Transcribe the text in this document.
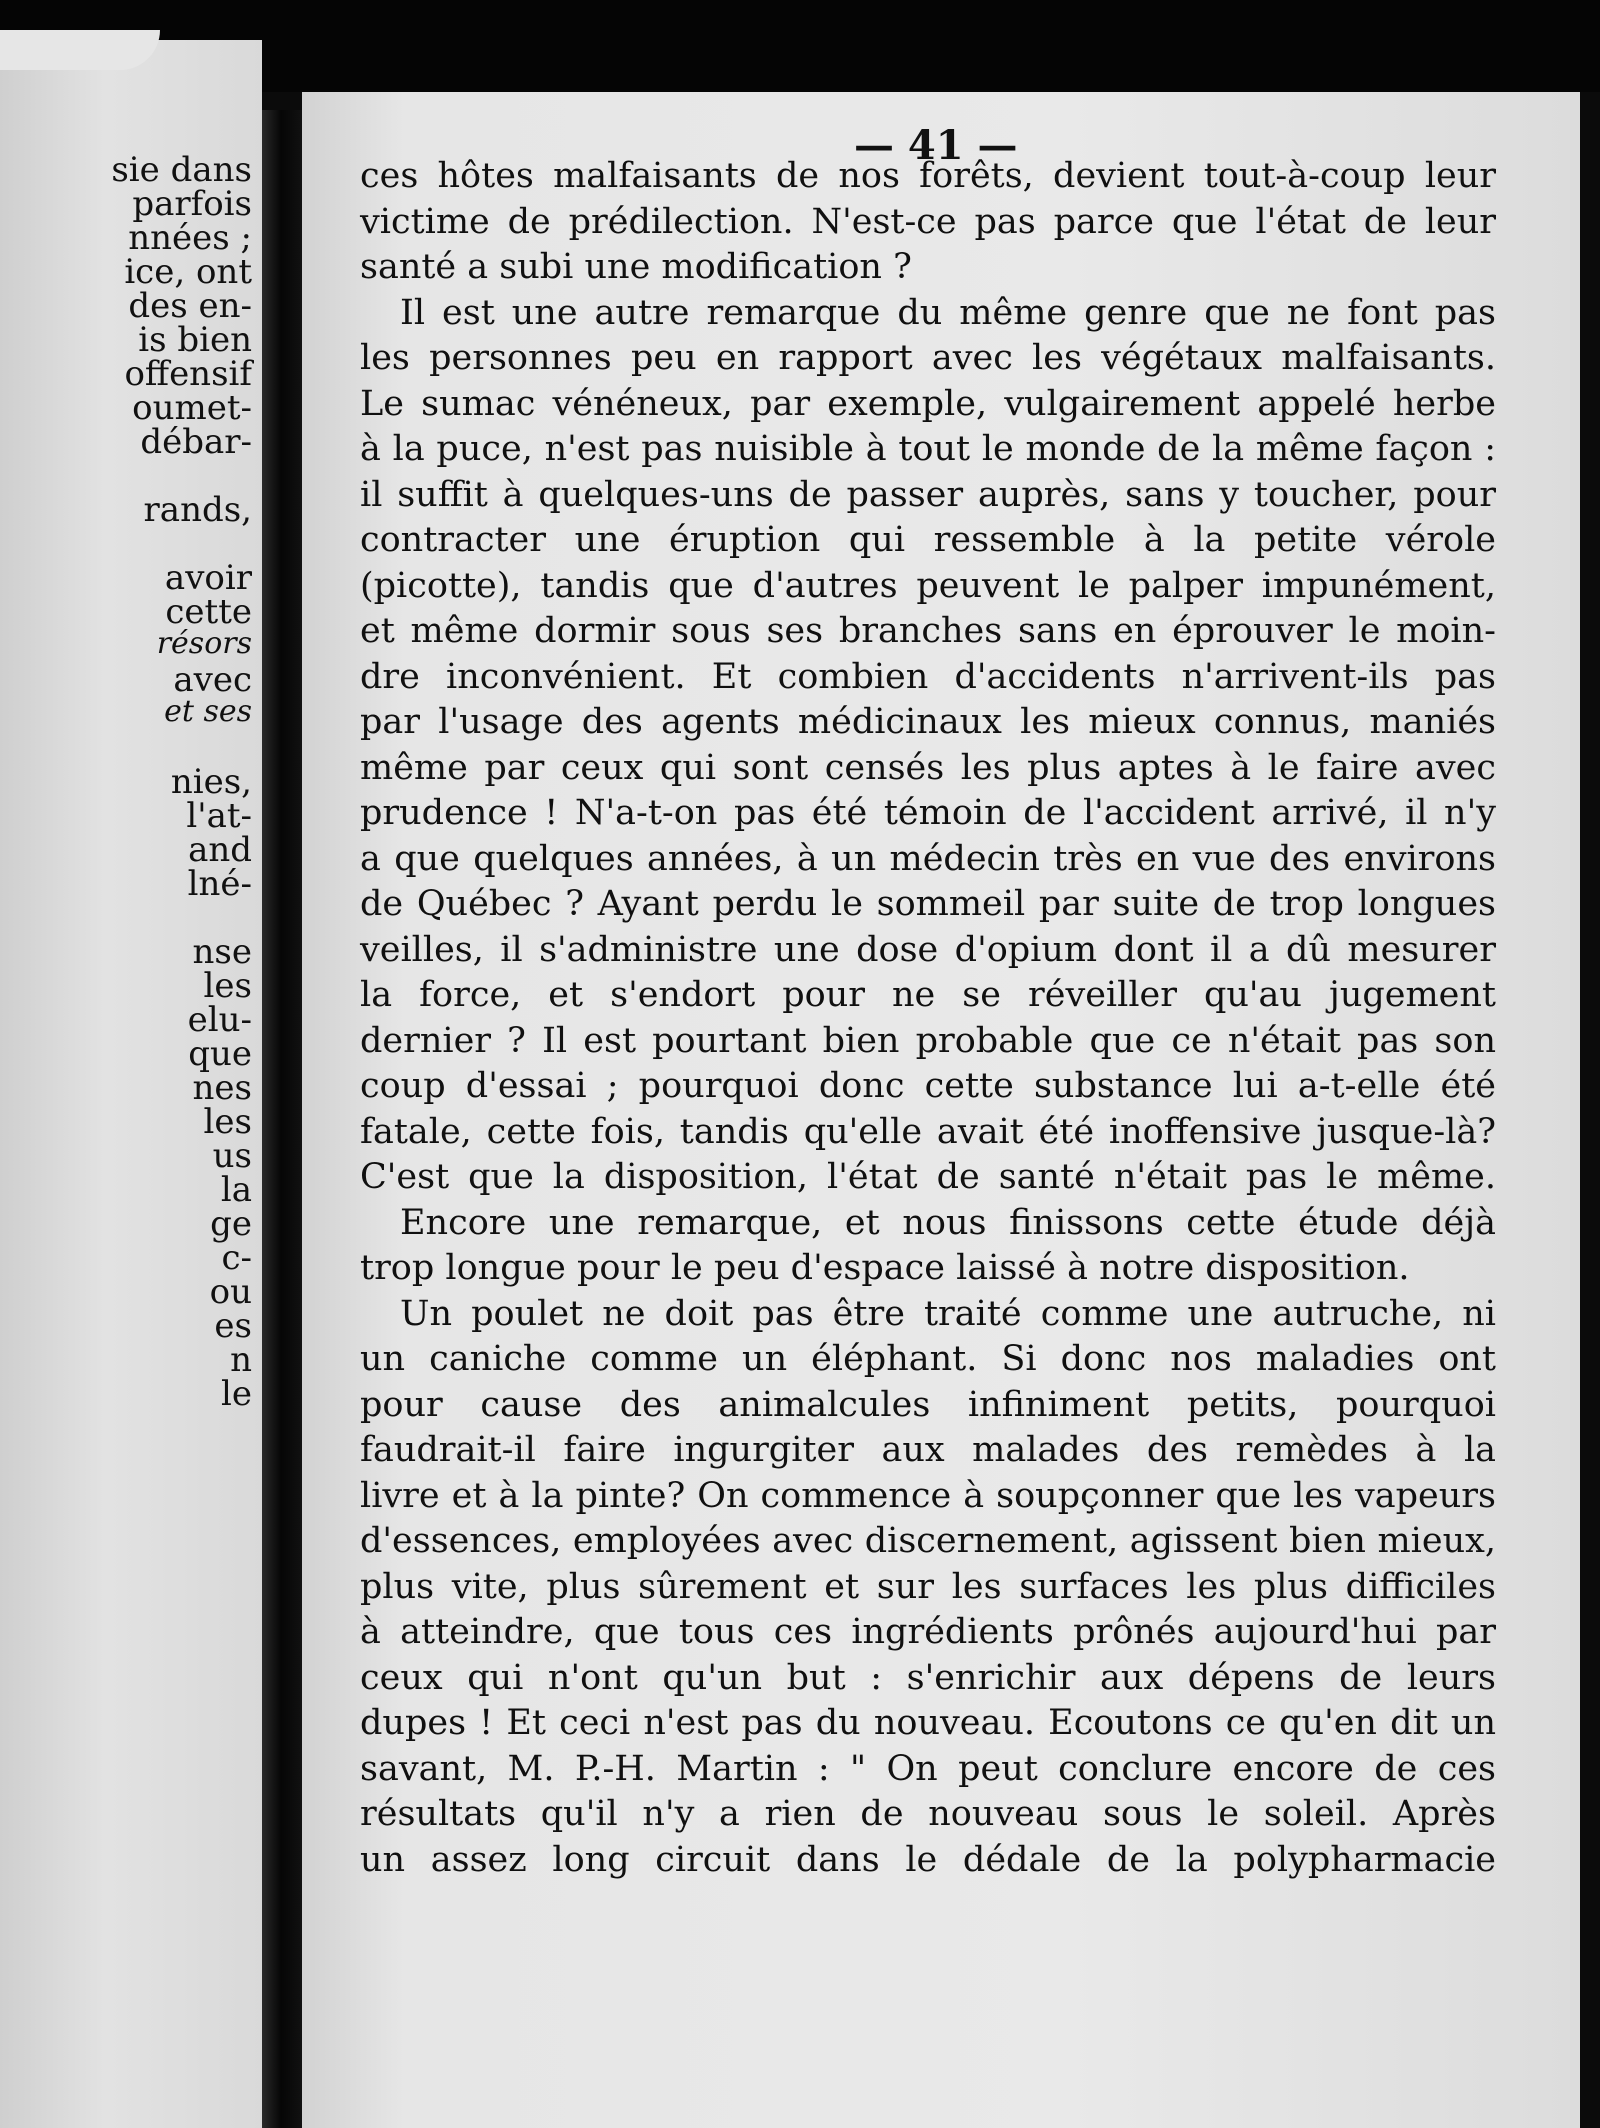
sie dans
parfois
nnées ;
ice, ont
des en-
is bien
offensif
oumet-
débar-
rands,
avoir
cette
résors
avec
et ses
nies,
l'at-
and
lné-
nse
les
elu-
que
nes
les
us
la
ge
c-
ou
es
n
le
— 41 —
ces hôtes malfaisants de nos forêts, devient tout-à-coup leur
victime de prédilection. N'est-ce pas parce que l'état de leur
santé a subi une modification ?
Il est une autre remarque du même genre que ne font pas
les personnes peu en rapport avec les végétaux malfaisants.
Le sumac vénéneux, par exemple, vulgairement appelé herbe
à la puce, n'est pas nuisible à tout le monde de la même façon :
il suffit à quelques-uns de passer auprès, sans y toucher, pour
contracter une éruption qui ressemble à la petite vérole
(picotte), tandis que d'autres peuvent le palper impunément,
et même dormir sous ses branches sans en éprouver le moin-
dre inconvénient. Et combien d'accidents n'arrivent-ils pas
par l'usage des agents médicinaux les mieux connus, maniés
même par ceux qui sont censés les plus aptes à le faire avec
prudence ! N'a-t-on pas été témoin de l'accident arrivé, il n'y
a que quelques années, à un médecin très en vue des environs
de Québec ? Ayant perdu le sommeil par suite de trop longues
veilles, il s'administre une dose d'opium dont il a dû mesurer
la force, et s'endort pour ne se réveiller qu'au jugement
dernier ? Il est pourtant bien probable que ce n'était pas son
coup d'essai ; pourquoi donc cette substance lui a-t-elle été
fatale, cette fois, tandis qu'elle avait été inoffensive jusque-là?
C'est que la disposition, l'état de santé n'était pas le même.
Encore une remarque, et nous finissons cette étude déjà
trop longue pour le peu d'espace laissé à notre disposition.
Un poulet ne doit pas être traité comme une autruche, ni
un caniche comme un éléphant. Si donc nos maladies ont
pour cause des animalcules infiniment petits, pourquoi
faudrait-il faire ingurgiter aux malades des remèdes à la
livre et à la pinte? On commence à soupçonner que les vapeurs
d'essences, employées avec discernement, agissent bien mieux,
plus vite, plus sûrement et sur les surfaces les plus difficiles
à atteindre, que tous ces ingrédients prônés aujourd'hui par
ceux qui n'ont qu'un but : s'enrichir aux dépens de leurs
dupes ! Et ceci n'est pas du nouveau. Ecoutons ce qu'en dit un
savant, M. P.-H. Martin : " On peut conclure encore de ces
résultats qu'il n'y a rien de nouveau sous le soleil. Après
un assez long circuit dans le dédale de la polypharmacie
